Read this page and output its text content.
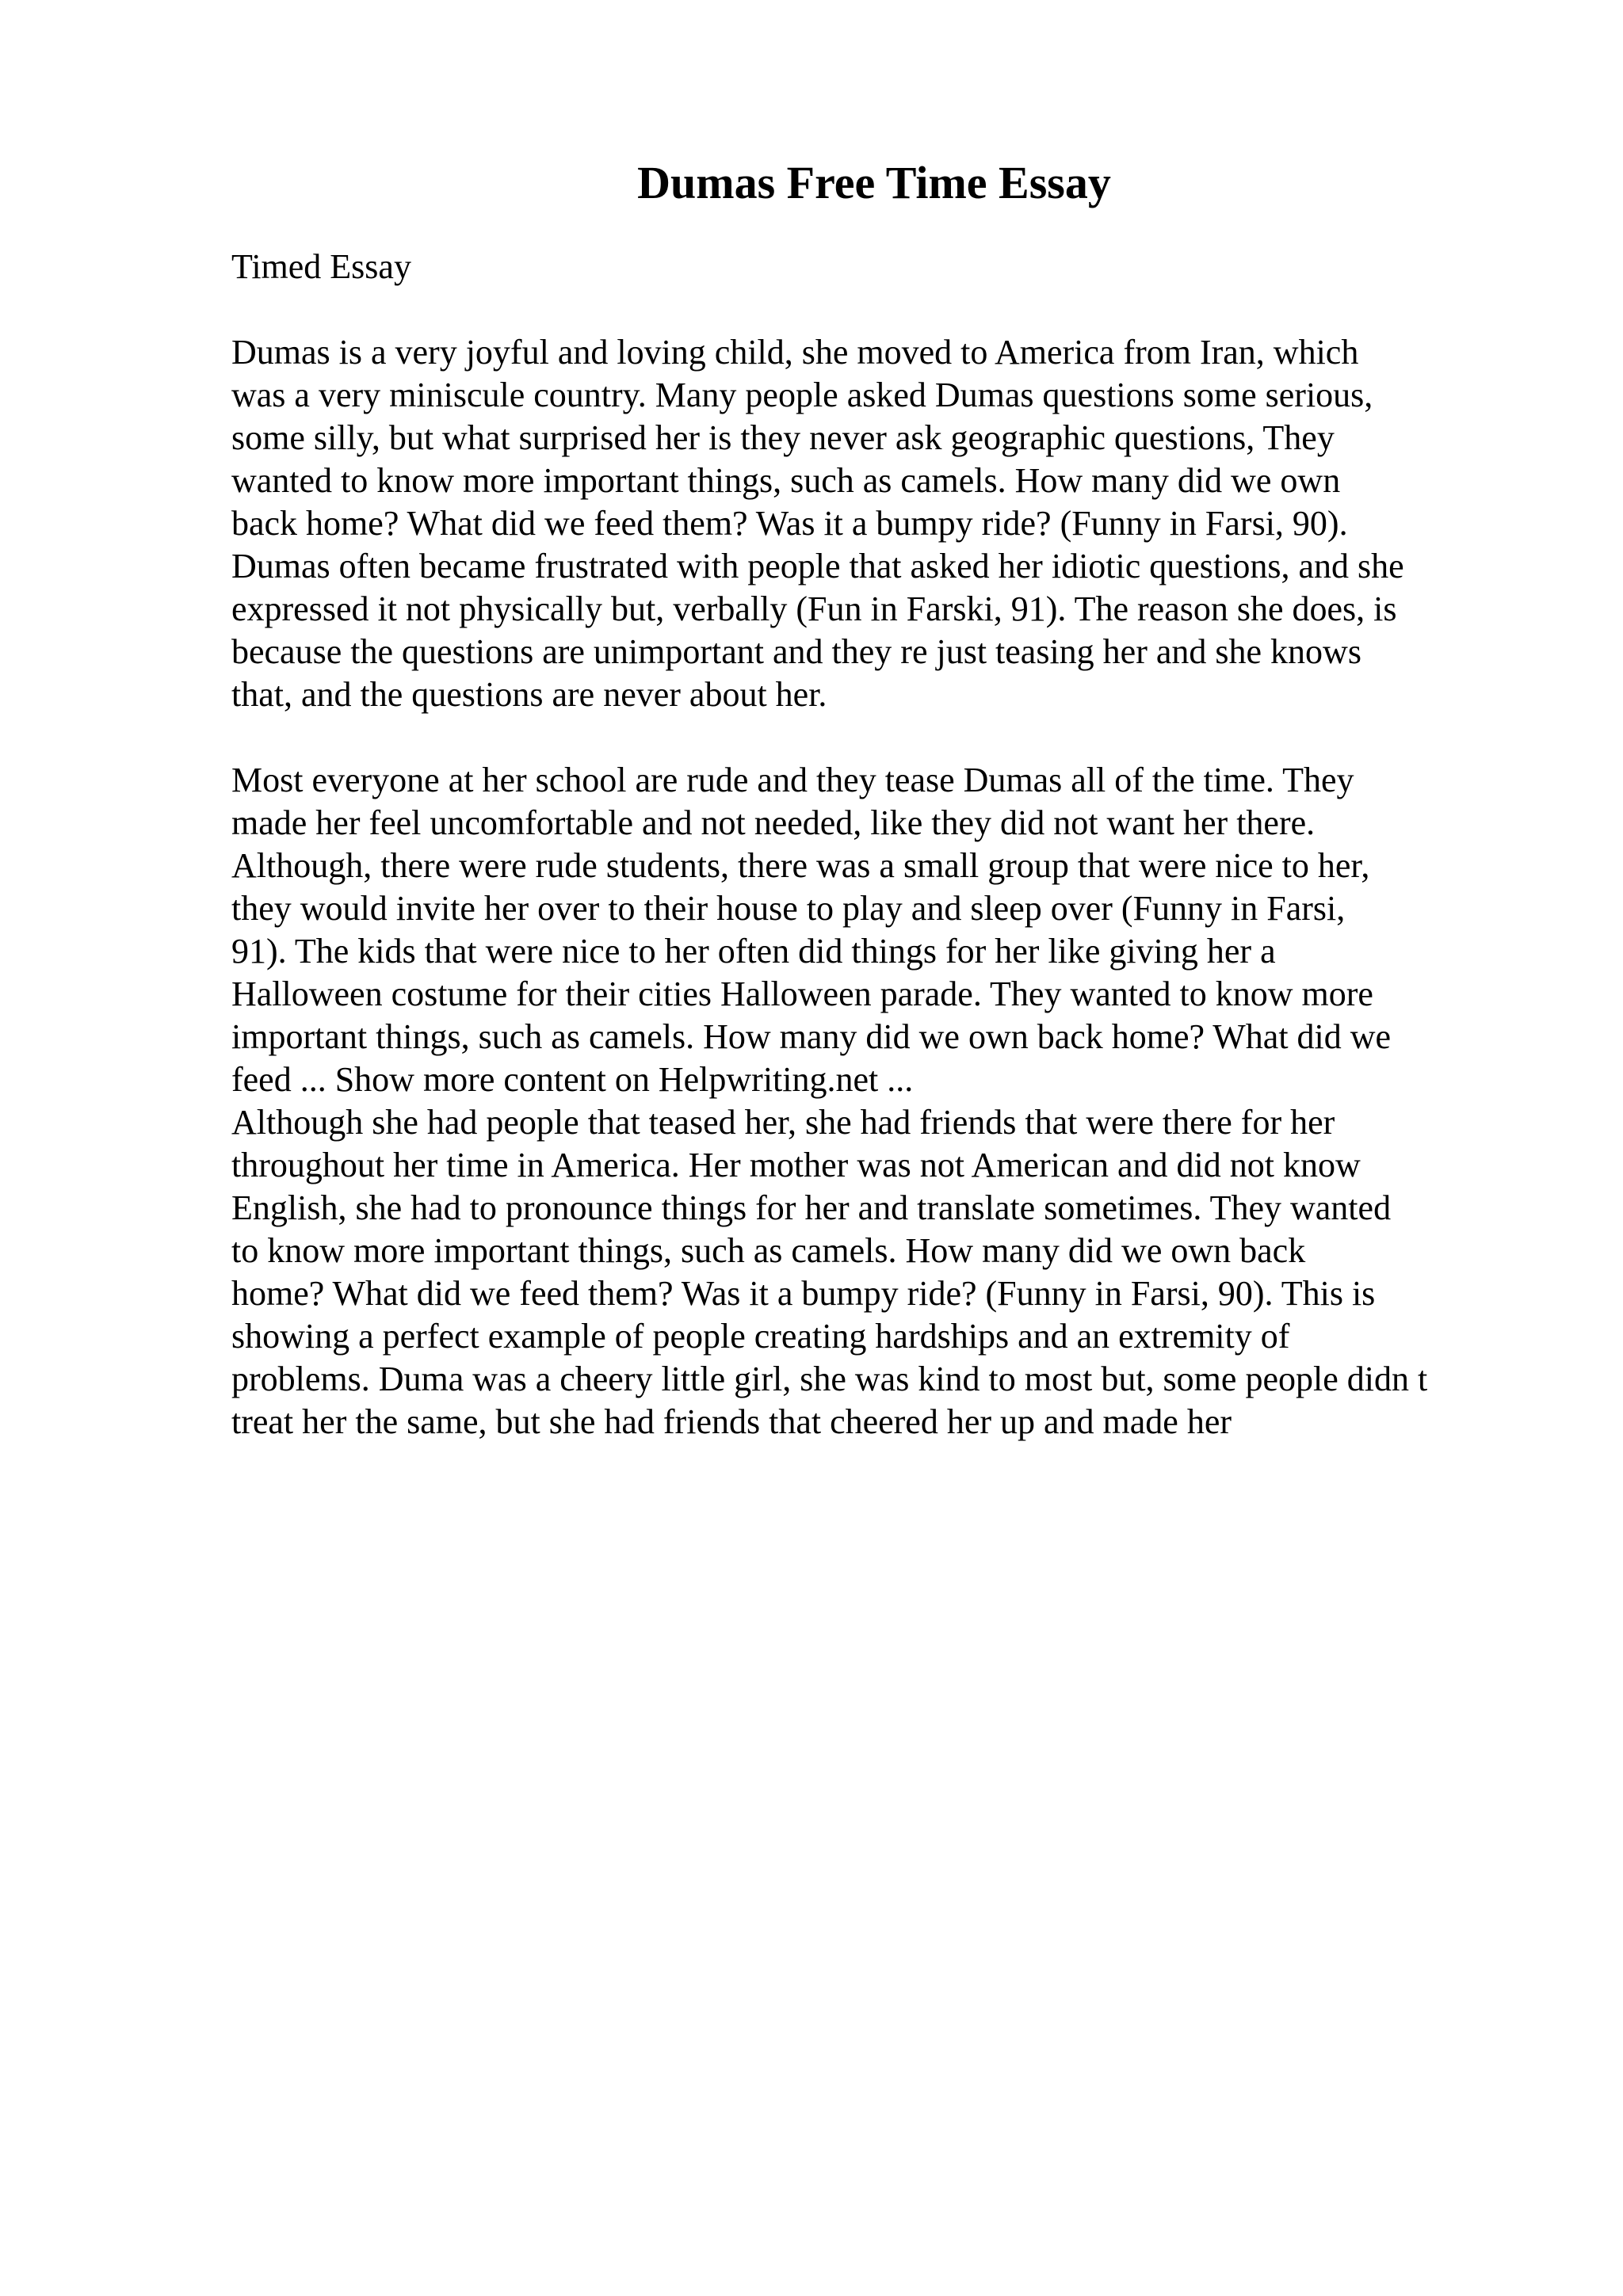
Dumas Free Time Essay
Timed Essay
Dumas is a very joyful and loving child, she moved to America from Iran, which
was a very miniscule country. Many people asked Dumas questions some serious,
some silly, but what surprised her is they never ask geographic questions, They
wanted to know more important things, such as camels. How many did we own
back home? What did we feed them? Was it a bumpy ride? (Funny in Farsi, 90).
Dumas often became frustrated with people that asked her idiotic questions, and she
expressed it not physically but, verbally (Fun in Farski, 91). The reason she does, is
because the questions are unimportant and they re just teasing her and she knows
that, and the questions are never about her.
Most everyone at her school are rude and they tease Dumas all of the time. They
made her feel uncomfortable and not needed, like they did not want her there.
Although, there were rude students, there was a small group that were nice to her,
they would invite her over to their house to play and sleep over (Funny in Farsi,
91). The kids that were nice to her often did things for her like giving her a
Halloween costume for their cities Halloween parade. They wanted to know more
important things, such as camels. How many did we own back home? What did we
feed ... Show more content on Helpwriting.net ...
Although she had people that teased her, she had friends that were there for her
throughout her time in America. Her mother was not American and did not know
English, she had to pronounce things for her and translate sometimes. They wanted
to know more important things, such as camels. How many did we own back
home? What did we feed them? Was it a bumpy ride? (Funny in Farsi, 90). This is
showing a perfect example of people creating hardships and an extremity of
problems. Duma was a cheery little girl, she was kind to most but, some people didn t
treat her the same, but she had friends that cheered her up and made her
